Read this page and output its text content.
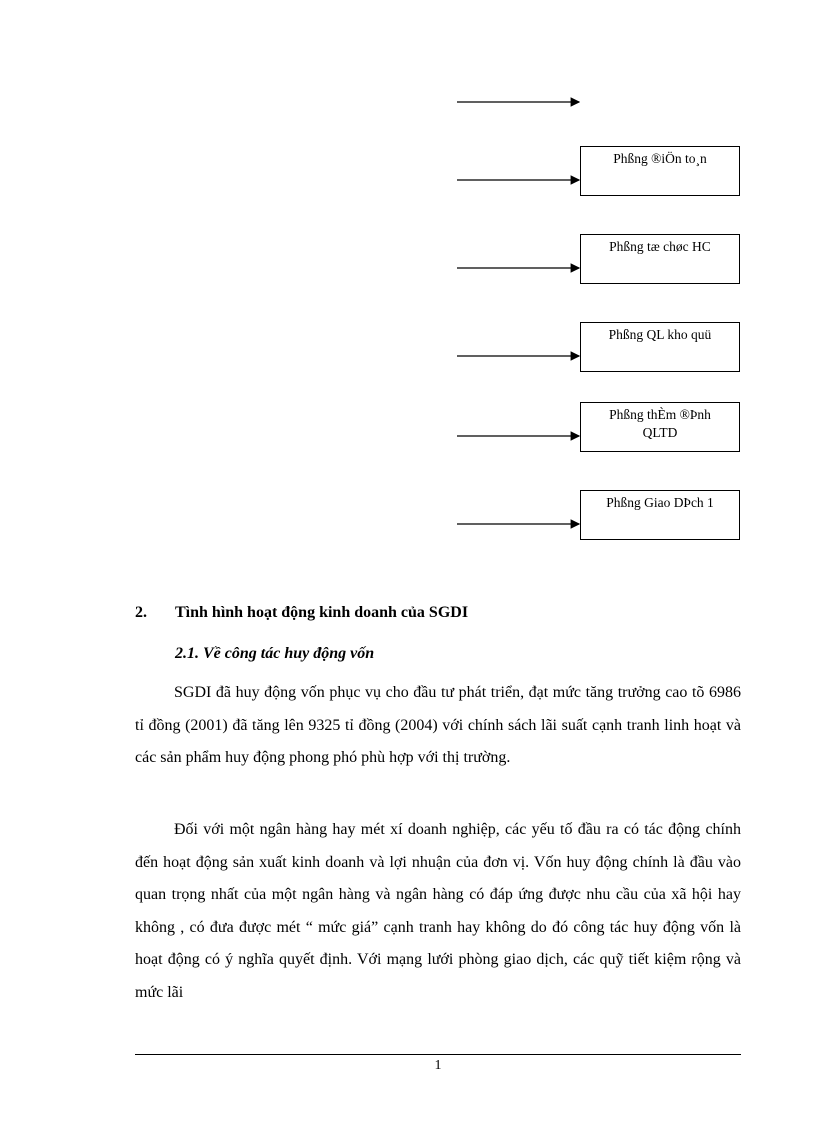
Phßng ®iÖn to¸n
Phßng tæ chøc HC
Phßng QL kho quü
Phßng thÈm ®Þnh
QLTD
Phßng Giao DÞch 1
2. Tình hình hoạt động kinh doanh của SGDI
2.1. Về công tác huy động vốn

SGDI đã huy động vốn phục vụ cho đầu tư phát triển, đạt mức tăng trưởng cao tõ 6986 tỉ đồng (2001) đã tăng lên 9325 tỉ đồng (2004) với chính sách lãi suất cạnh tranh linh hoạt và các sản phẩm huy động phong phó phù hợp với thị trường.

Đối với một ngân hàng hay mét xí doanh nghiệp, các yếu tố đầu ra có tác động chính đến hoạt động sản xuất kinh doanh và lợi nhuận của đơn vị. Vốn huy động chính là đầu vào quan trọng nhất của một ngân hàng và ngân hàng có đáp ứng được nhu cầu của xã hội hay không , có đưa được mét “ mức giá” cạnh tranh hay không do đó công tác huy động vốn là hoạt động có ý nghĩa quyết định. Với mạng lưới phòng giao dịch, các quỹ tiết kiệm rộng và mức lãi

1
